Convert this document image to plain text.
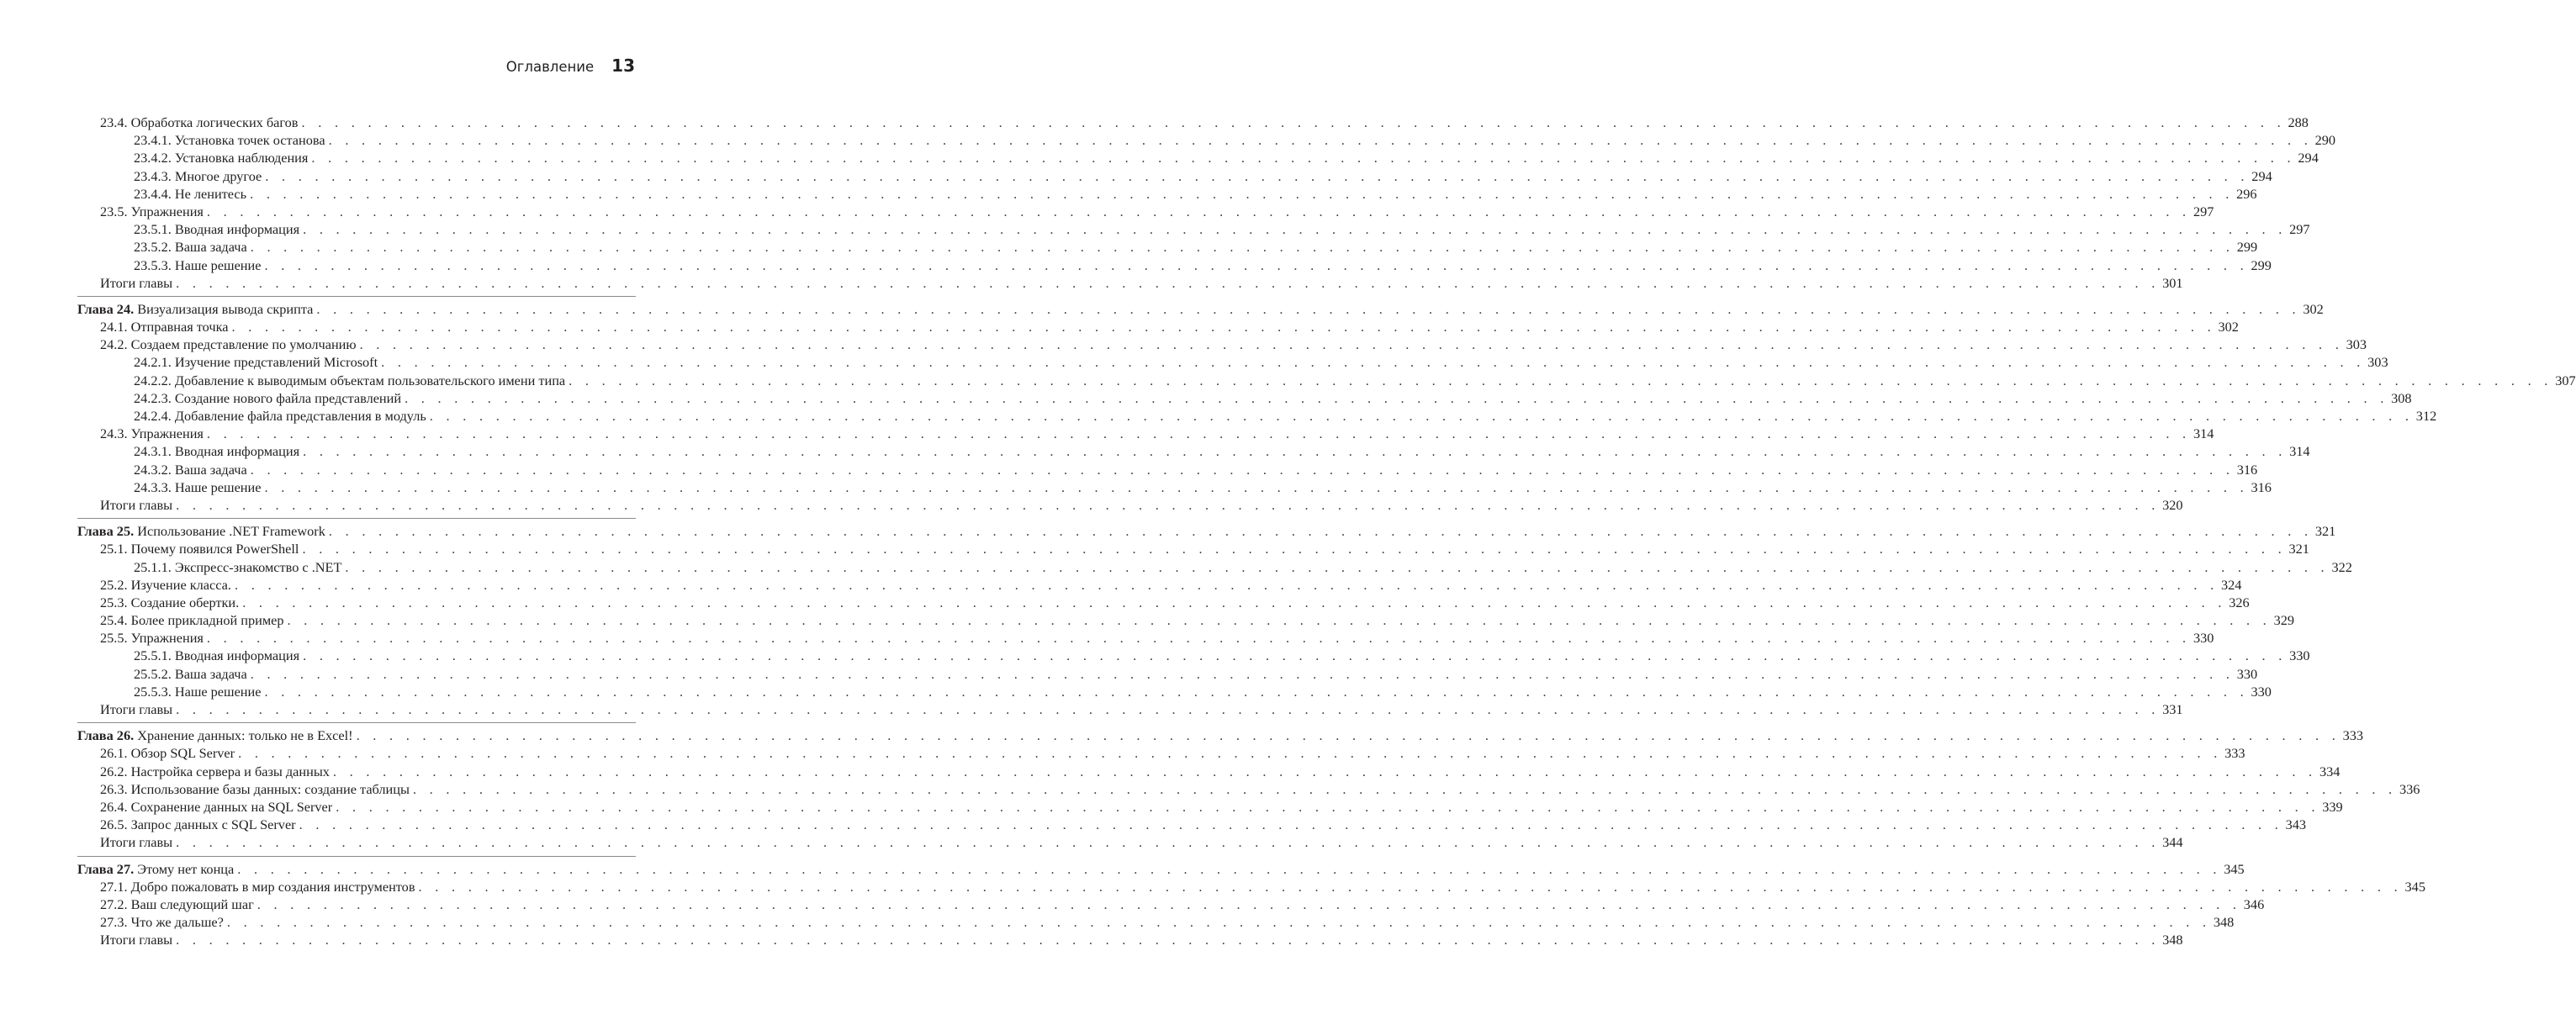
Оглавление 13
23.4. Обработка логических багов . . . . . . . . . . . . . . . . . . . . . . . . . . . . . . . . . . . . . . . . . . . . . . . . . . . . . . . . . . . . . . . . . . . . . . . . . . . . . . . . . . . . . . . . . . . . . . . . . . . . . . . . . . . . . . . . . . . . . . . . 288
23.4.1. Установка точек останова . . . . . . . . . . . . . . . . . . . . . . . . . . . . . . . . . . . . . . . . . . . . . . . . . . . . . . . . . . . . . . . . . . . . . . . . . . . . . . . . . . . . . . . . . . . . . . . . . . . . . . . . . . . . . . . . . . . . . . . . 290
23.4.2. Установка наблюдения . . . . . . . . . . . . . . . . . . . . . . . . . . . . . . . . . . . . . . . . . . . . . . . . . . . . . . . . . . . . . . . . . . . . . . . . . . . . . . . . . . . . . . . . . . . . . . . . . . . . . . . . . . . . . . . . . . . . . . . . 294
23.4.3. Многое другое . . . . . . . . . . . . . . . . . . . . . . . . . . . . . . . . . . . . . . . . . . . . . . . . . . . . . . . . . . . . . . . . . . . . . . . . . . . . . . . . . . . . . . . . . . . . . . . . . . . . . . . . . . . . . . . . . . . . . . . . 294
23.4.4. Не ленитесь . . . . . . . . . . . . . . . . . . . . . . . . . . . . . . . . . . . . . . . . . . . . . . . . . . . . . . . . . . . . . . . . . . . . . . . . . . . . . . . . . . . . . . . . . . . . . . . . . . . . . . . . . . . . . . . . . . . . . . . . 296
23.5. Упражнения . . . . . . . . . . . . . . . . . . . . . . . . . . . . . . . . . . . . . . . . . . . . . . . . . . . . . . . . . . . . . . . . . . . . . . . . . . . . . . . . . . . . . . . . . . . . . . . . . . . . . . . . . . . . . . . . . . . . . . . . 297
23.5.1. Вводная информация . . . . . . . . . . . . . . . . . . . . . . . . . . . . . . . . . . . . . . . . . . . . . . . . . . . . . . . . . . . . . . . . . . . . . . . . . . . . . . . . . . . . . . . . . . . . . . . . . . . . . . . . . . . . . . . . . . . . . . . . 297
23.5.2. Ваша задача . . . . . . . . . . . . . . . . . . . . . . . . . . . . . . . . . . . . . . . . . . . . . . . . . . . . . . . . . . . . . . . . . . . . . . . . . . . . . . . . . . . . . . . . . . . . . . . . . . . . . . . . . . . . . . . . . . . . . . . . 299
23.5.3. Наше решение . . . . . . . . . . . . . . . . . . . . . . . . . . . . . . . . . . . . . . . . . . . . . . . . . . . . . . . . . . . . . . . . . . . . . . . . . . . . . . . . . . . . . . . . . . . . . . . . . . . . . . . . . . . . . . . . . . . . . . . . 299
Итоги главы . . . . . . . . . . . . . . . . . . . . . . . . . . . . . . . . . . . . . . . . . . . . . . . . . . . . . . . . . . . . . . . . . . . . . . . . . . . . . . . . . . . . . . . . . . . . . . . . . . . . . . . . . . . . . . . . . . . . . . . . 301
Глава 24. Визуализация вывода скрипта . . . . . . . . . . . . . . . . . . . . . . . . . . . . . . . . . . . . . . . . . . . . . . . . . . . . . . . . . . . . . . . . . . . . . . . . . . . . . . . . . . . . . . . . . . . . . . . . . . . . . . . . . . . . . . . . . . . . . . . . 302
24.1. Отправная точка . . . . . . . . . . . . . . . . . . . . . . . . . . . . . . . . . . . . . . . . . . . . . . . . . . . . . . . . . . . . . . . . . . . . . . . . . . . . . . . . . . . . . . . . . . . . . . . . . . . . . . . . . . . . . . . . . . . . . . . . 302
24.2. Создаем представление по умолчанию . . . . . . . . . . . . . . . . . . . . . . . . . . . . . . . . . . . . . . . . . . . . . . . . . . . . . . . . . . . . . . . . . . . . . . . . . . . . . . . . . . . . . . . . . . . . . . . . . . . . . . . . . . . . . . . . . . . . . . . . 303
24.2.1. Изучение представлений Microsoft . . . . . . . . . . . . . . . . . . . . . . . . . . . . . . . . . . . . . . . . . . . . . . . . . . . . . . . . . . . . . . . . . . . . . . . . . . . . . . . . . . . . . . . . . . . . . . . . . . . . . . . . . . . . . . . . . . . . . . . . 303
24.2.2. Добавление к выводимым объектам пользовательского имени типа . . . . . . . . . . . . . . . . . . . . . . . . . . . . . . . . . . . . . . . . . . . . . . . . . . . . . . . . . . . . . . . . . . . . . . . . . . . . . . . . . . . . . . . . . . . . . . . . . . . . . . . . . . . . . . . . . . . . . . . . 307
24.2.3. Создание нового файла представлений . . . . . . . . . . . . . . . . . . . . . . . . . . . . . . . . . . . . . . . . . . . . . . . . . . . . . . . . . . . . . . . . . . . . . . . . . . . . . . . . . . . . . . . . . . . . . . . . . . . . . . . . . . . . . . . . . . . . . . . . 308
24.2.4. Добавление файла представления в модуль . . . . . . . . . . . . . . . . . . . . . . . . . . . . . . . . . . . . . . . . . . . . . . . . . . . . . . . . . . . . . . . . . . . . . . . . . . . . . . . . . . . . . . . . . . . . . . . . . . . . . . . . . . . . . . . . . . . . . . . . 312
24.3. Упражнения . . . . . . . . . . . . . . . . . . . . . . . . . . . . . . . . . . . . . . . . . . . . . . . . . . . . . . . . . . . . . . . . . . . . . . . . . . . . . . . . . . . . . . . . . . . . . . . . . . . . . . . . . . . . . . . . . . . . . . . . 314
24.3.1. Вводная информация . . . . . . . . . . . . . . . . . . . . . . . . . . . . . . . . . . . . . . . . . . . . . . . . . . . . . . . . . . . . . . . . . . . . . . . . . . . . . . . . . . . . . . . . . . . . . . . . . . . . . . . . . . . . . . . . . . . . . . . . 314
24.3.2. Ваша задача . . . . . . . . . . . . . . . . . . . . . . . . . . . . . . . . . . . . . . . . . . . . . . . . . . . . . . . . . . . . . . . . . . . . . . . . . . . . . . . . . . . . . . . . . . . . . . . . . . . . . . . . . . . . . . . . . . . . . . . . 316
24.3.3. Наше решение . . . . . . . . . . . . . . . . . . . . . . . . . . . . . . . . . . . . . . . . . . . . . . . . . . . . . . . . . . . . . . . . . . . . . . . . . . . . . . . . . . . . . . . . . . . . . . . . . . . . . . . . . . . . . . . . . . . . . . . . 316
Итоги главы . . . . . . . . . . . . . . . . . . . . . . . . . . . . . . . . . . . . . . . . . . . . . . . . . . . . . . . . . . . . . . . . . . . . . . . . . . . . . . . . . . . . . . . . . . . . . . . . . . . . . . . . . . . . . . . . . . . . . . . . 320
Глава 25. Использование .NET Framework . . . . . . . . . . . . . . . . . . . . . . . . . . . . . . . . . . . . . . . . . . . . . . . . . . . . . . . . . . . . . . . . . . . . . . . . . . . . . . . . . . . . . . . . . . . . . . . . . . . . . . . . . . . . . . . . . . . . . . . . 321
25.1. Почему появился PowerShell . . . . . . . . . . . . . . . . . . . . . . . . . . . . . . . . . . . . . . . . . . . . . . . . . . . . . . . . . . . . . . . . . . . . . . . . . . . . . . . . . . . . . . . . . . . . . . . . . . . . . . . . . . . . . . . . . . . . . . . . 321
25.1.1. Экспресс-знакомство с .NET . . . . . . . . . . . . . . . . . . . . . . . . . . . . . . . . . . . . . . . . . . . . . . . . . . . . . . . . . . . . . . . . . . . . . . . . . . . . . . . . . . . . . . . . . . . . . . . . . . . . . . . . . . . . . . . . . . . . . . . . 322
25.2. Изучение класса. . . . . . . . . . . . . . . . . . . . . . . . . . . . . . . . . . . . . . . . . . . . . . . . . . . . . . . . . . . . . . . . . . . . . . . . . . . . . . . . . . . . . . . . . . . . . . . . . . . . . . . . . . . . . . . . . . . . . . . . . 324
25.3. Создание обертки. . . . . . . . . . . . . . . . . . . . . . . . . . . . . . . . . . . . . . . . . . . . . . . . . . . . . . . . . . . . . . . . . . . . . . . . . . . . . . . . . . . . . . . . . . . . . . . . . . . . . . . . . . . . . . . . . . . . . . . . . 326
25.4. Более прикладной пример . . . . . . . . . . . . . . . . . . . . . . . . . . . . . . . . . . . . . . . . . . . . . . . . . . . . . . . . . . . . . . . . . . . . . . . . . . . . . . . . . . . . . . . . . . . . . . . . . . . . . . . . . . . . . . . . . . . . . . . . 329
25.5. Упражнения . . . . . . . . . . . . . . . . . . . . . . . . . . . . . . . . . . . . . . . . . . . . . . . . . . . . . . . . . . . . . . . . . . . . . . . . . . . . . . . . . . . . . . . . . . . . . . . . . . . . . . . . . . . . . . . . . . . . . . . . 330
25.5.1. Вводная информация . . . . . . . . . . . . . . . . . . . . . . . . . . . . . . . . . . . . . . . . . . . . . . . . . . . . . . . . . . . . . . . . . . . . . . . . . . . . . . . . . . . . . . . . . . . . . . . . . . . . . . . . . . . . . . . . . . . . . . . . 330
25.5.2. Ваша задача . . . . . . . . . . . . . . . . . . . . . . . . . . . . . . . . . . . . . . . . . . . . . . . . . . . . . . . . . . . . . . . . . . . . . . . . . . . . . . . . . . . . . . . . . . . . . . . . . . . . . . . . . . . . . . . . . . . . . . . . 330
25.5.3. Наше решение . . . . . . . . . . . . . . . . . . . . . . . . . . . . . . . . . . . . . . . . . . . . . . . . . . . . . . . . . . . . . . . . . . . . . . . . . . . . . . . . . . . . . . . . . . . . . . . . . . . . . . . . . . . . . . . . . . . . . . . . 330
Итоги главы . . . . . . . . . . . . . . . . . . . . . . . . . . . . . . . . . . . . . . . . . . . . . . . . . . . . . . . . . . . . . . . . . . . . . . . . . . . . . . . . . . . . . . . . . . . . . . . . . . . . . . . . . . . . . . . . . . . . . . . . 331
Глава 26. Хранение данных: только не в Excel! . . . . . . . . . . . . . . . . . . . . . . . . . . . . . . . . . . . . . . . . . . . . . . . . . . . . . . . . . . . . . . . . . . . . . . . . . . . . . . . . . . . . . . . . . . . . . . . . . . . . . . . . . . . . . . . . . . . . . . . . 333
26.1. Обзор SQL Server . . . . . . . . . . . . . . . . . . . . . . . . . . . . . . . . . . . . . . . . . . . . . . . . . . . . . . . . . . . . . . . . . . . . . . . . . . . . . . . . . . . . . . . . . . . . . . . . . . . . . . . . . . . . . . . . . . . . . . . . 333
26.2. Настройка сервера и базы данных . . . . . . . . . . . . . . . . . . . . . . . . . . . . . . . . . . . . . . . . . . . . . . . . . . . . . . . . . . . . . . . . . . . . . . . . . . . . . . . . . . . . . . . . . . . . . . . . . . . . . . . . . . . . . . . . . . . . . . . . 334
26.3. Использование базы данных: создание таблицы . . . . . . . . . . . . . . . . . . . . . . . . . . . . . . . . . . . . . . . . . . . . . . . . . . . . . . . . . . . . . . . . . . . . . . . . . . . . . . . . . . . . . . . . . . . . . . . . . . . . . . . . . . . . . . . . . . . . . . . . 336
26.4. Сохранение данных на SQL Server . . . . . . . . . . . . . . . . . . . . . . . . . . . . . . . . . . . . . . . . . . . . . . . . . . . . . . . . . . . . . . . . . . . . . . . . . . . . . . . . . . . . . . . . . . . . . . . . . . . . . . . . . . . . . . . . . . . . . . . . 339
26.5. Запрос данных с SQL Server . . . . . . . . . . . . . . . . . . . . . . . . . . . . . . . . . . . . . . . . . . . . . . . . . . . . . . . . . . . . . . . . . . . . . . . . . . . . . . . . . . . . . . . . . . . . . . . . . . . . . . . . . . . . . . . . . . . . . . . . 343
Итоги главы . . . . . . . . . . . . . . . . . . . . . . . . . . . . . . . . . . . . . . . . . . . . . . . . . . . . . . . . . . . . . . . . . . . . . . . . . . . . . . . . . . . . . . . . . . . . . . . . . . . . . . . . . . . . . . . . . . . . . . . . 344
Глава 27. Этому нет конца . . . . . . . . . . . . . . . . . . . . . . . . . . . . . . . . . . . . . . . . . . . . . . . . . . . . . . . . . . . . . . . . . . . . . . . . . . . . . . . . . . . . . . . . . . . . . . . . . . . . . . . . . . . . . . . . . . . . . . . . 345
27.1. Добро пожаловать в мир создания инструментов . . . . . . . . . . . . . . . . . . . . . . . . . . . . . . . . . . . . . . . . . . . . . . . . . . . . . . . . . . . . . . . . . . . . . . . . . . . . . . . . . . . . . . . . . . . . . . . . . . . . . . . . . . . . . . . . . . . . . . . . 345
27.2. Ваш следующий шаг . . . . . . . . . . . . . . . . . . . . . . . . . . . . . . . . . . . . . . . . . . . . . . . . . . . . . . . . . . . . . . . . . . . . . . . . . . . . . . . . . . . . . . . . . . . . . . . . . . . . . . . . . . . . . . . . . . . . . . . . 346
27.3. Что же дальше? . . . . . . . . . . . . . . . . . . . . . . . . . . . . . . . . . . . . . . . . . . . . . . . . . . . . . . . . . . . . . . . . . . . . . . . . . . . . . . . . . . . . . . . . . . . . . . . . . . . . . . . . . . . . . . . . . . . . . . . . 348
Итоги главы . . . . . . . . . . . . . . . . . . . . . . . . . . . . . . . . . . . . . . . . . . . . . . . . . . . . . . . . . . . . . . . . . . . . . . . . . . . . . . . . . . . . . . . . . . . . . . . . . . . . . . . . . . . . . . . . . . . . . . . . 348
